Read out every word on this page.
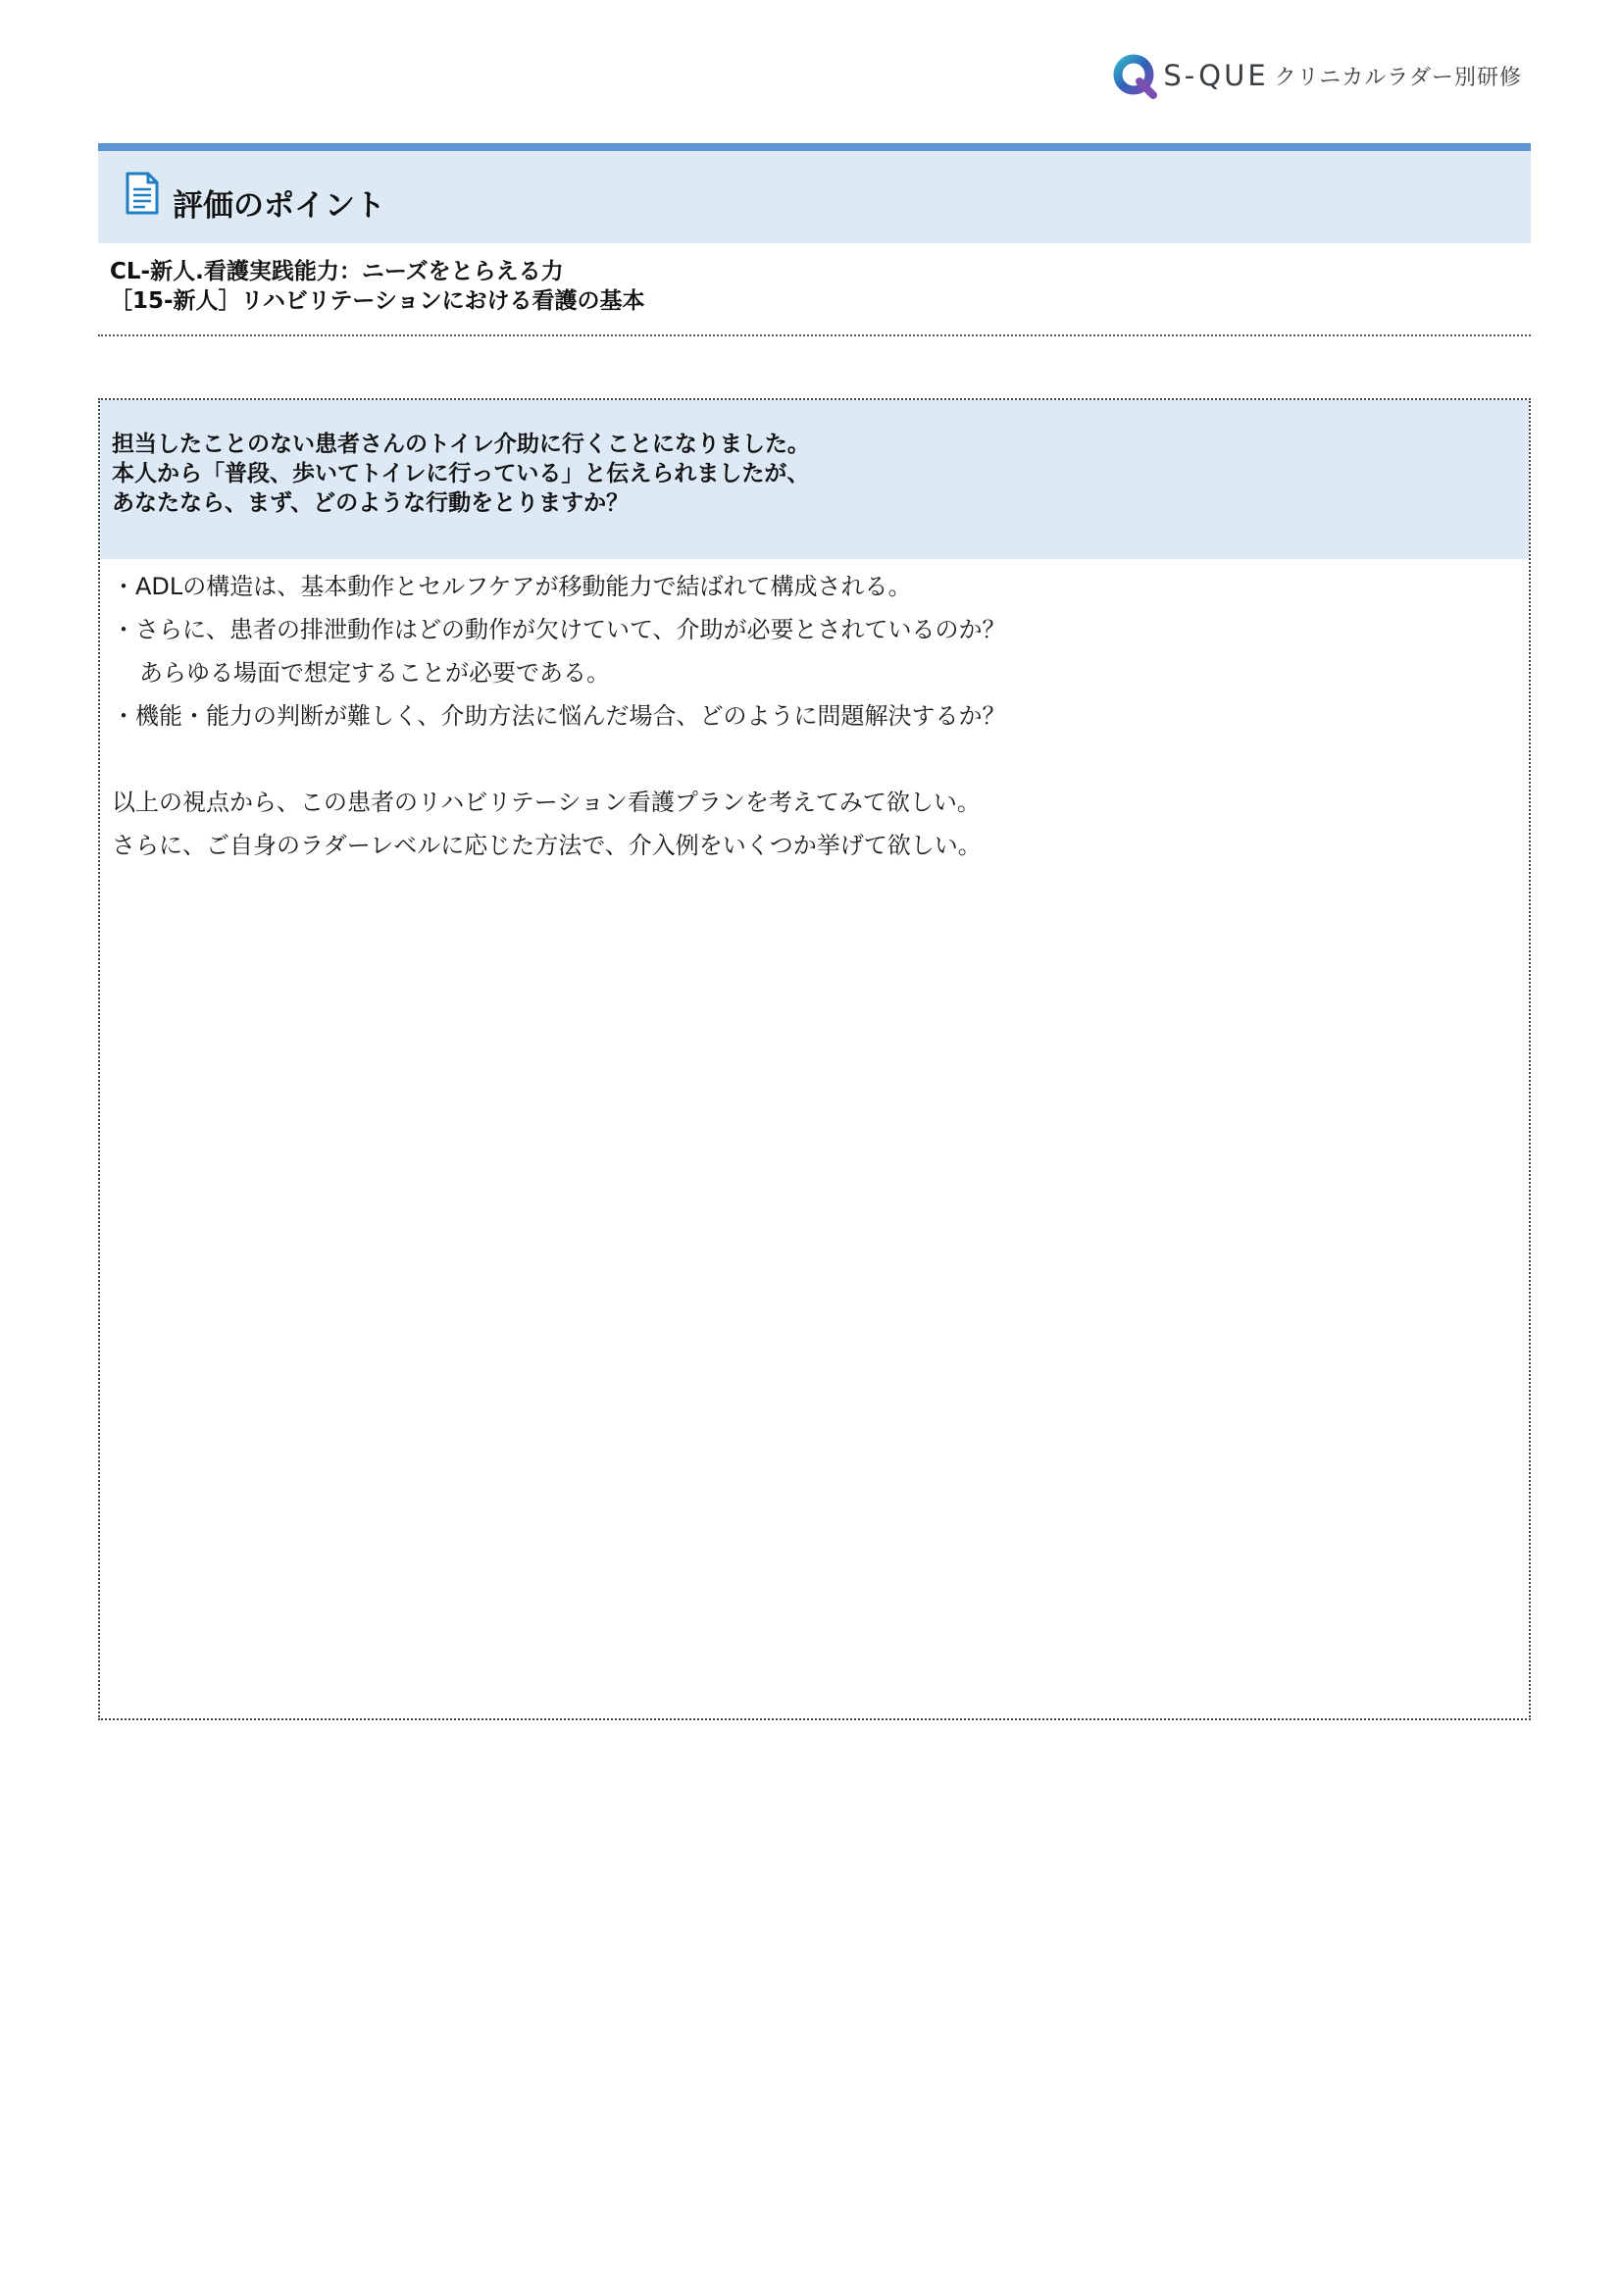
S-QUE クリニカルラダー別研修
評価のポイント
CL-新人.看護実践能力：ニーズをとらえる力
［15-新人］リハビリテーションにおける看護の基本
担当したことのない患者さんのトイレ介助に行くことになりました。
本人から「普段、歩いてトイレに行っている」と伝えられましたが、
あなたなら、まず、どのような行動をとりますか？
・ADLの構造は、基本動作とセルフケアが移動能力で結ばれて構成される。
・さらに、患者の排泄動作はどの動作が欠けていて、介助が必要とされているのか？
あらゆる場面で想定することが必要である。
・機能・能力の判断が難しく、介助方法に悩んだ場合、どのように問題解決するか？
以上の視点から、この患者のリハビリテーション看護プランを考えてみて欲しい。
さらに、ご自身のラダーレベルに応じた方法で、介入例をいくつか挙げて欲しい。
